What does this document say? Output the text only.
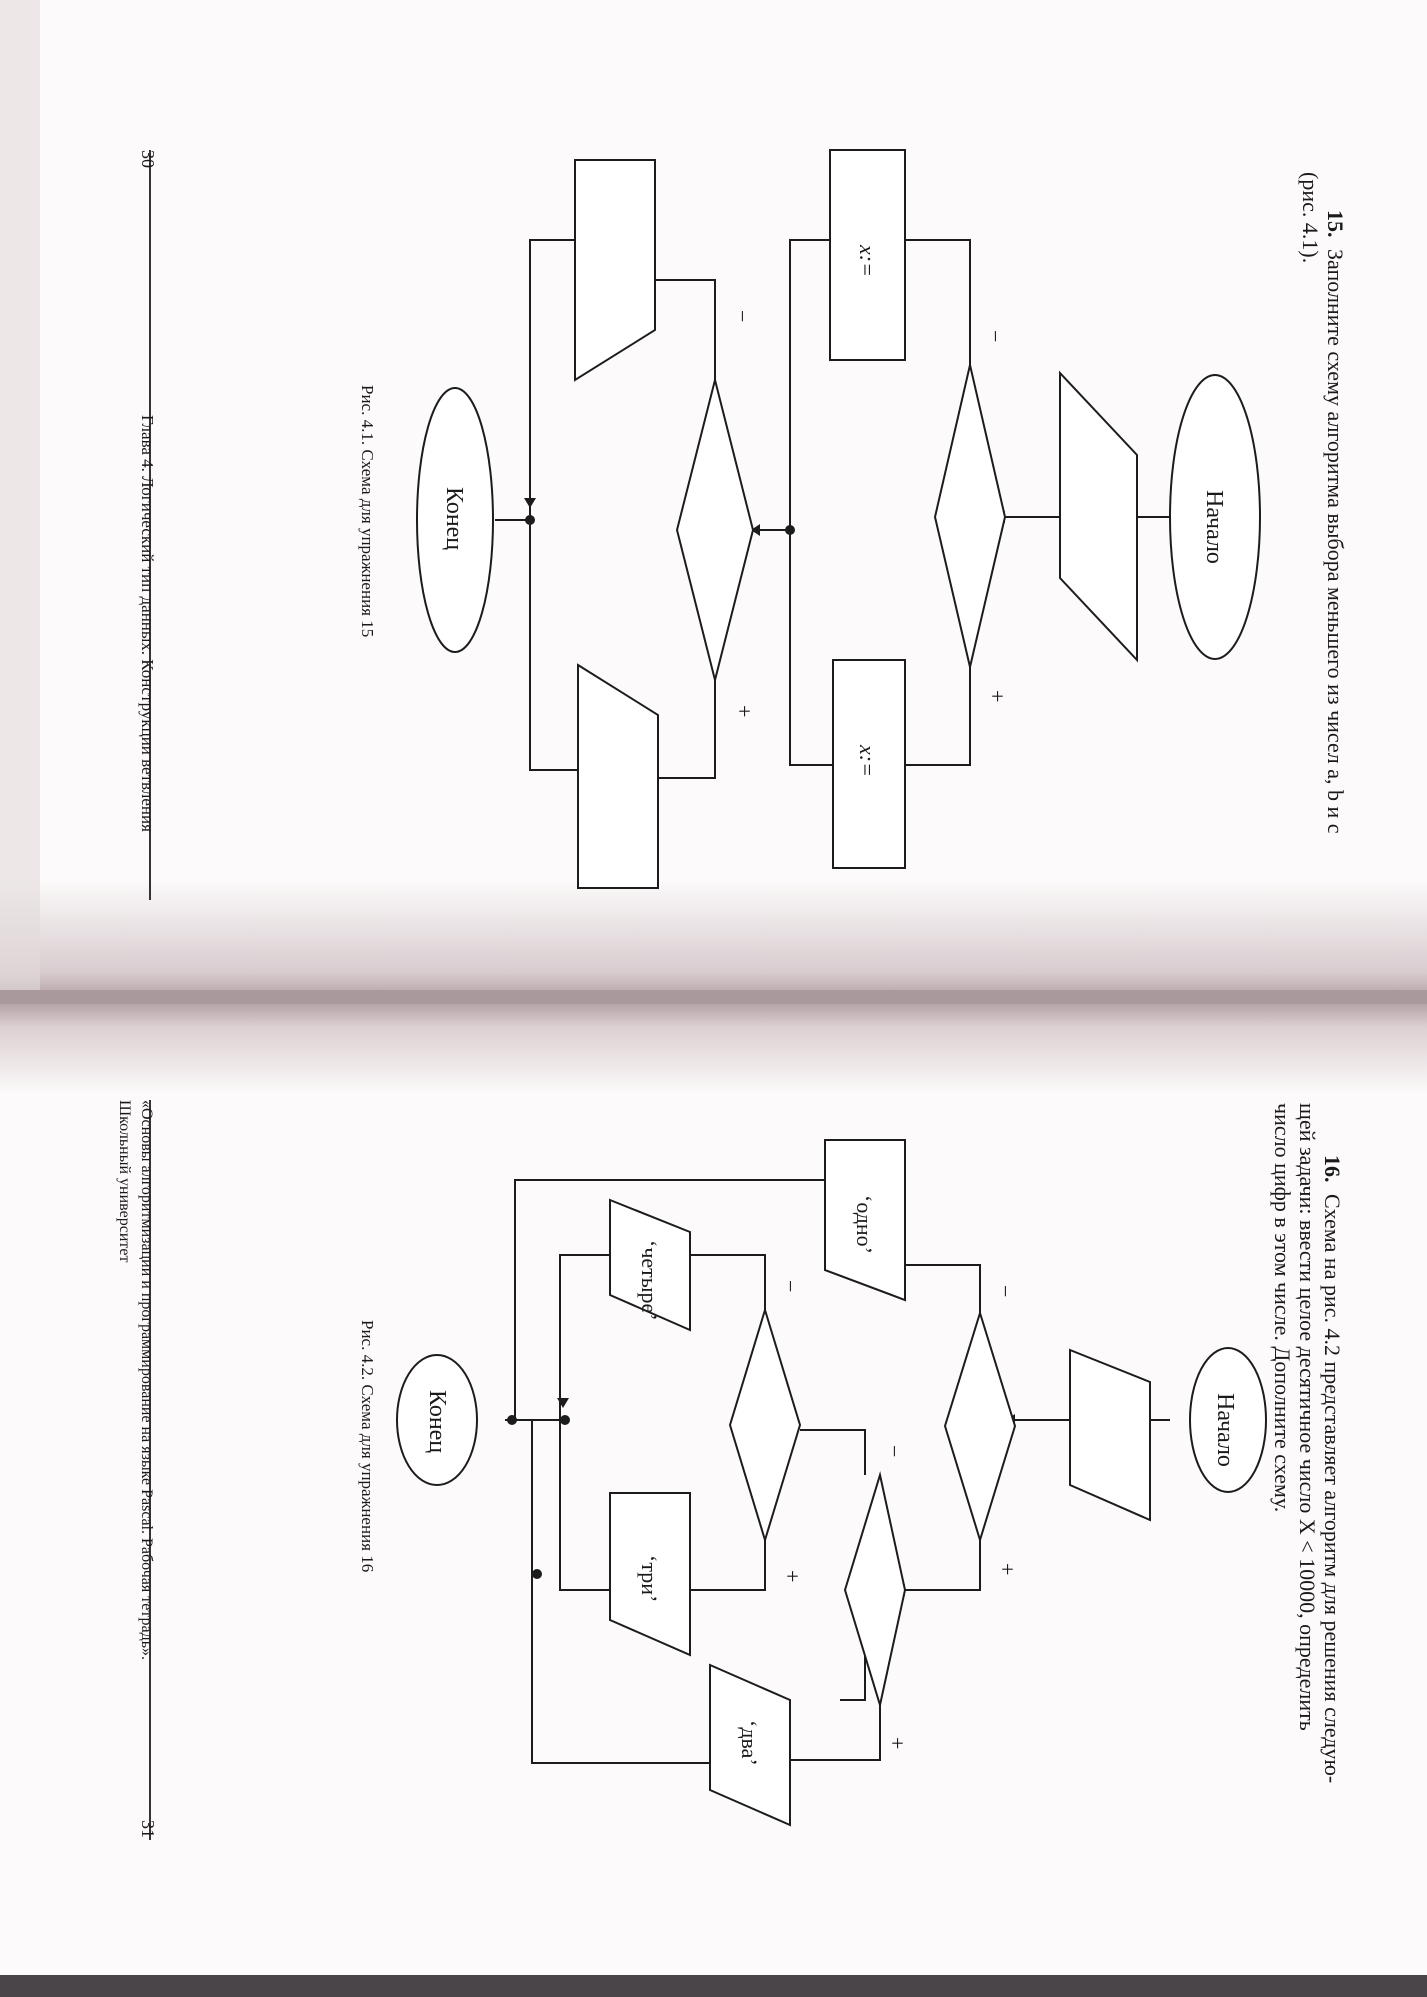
15. Заполните схему алгоритма выбора меньшего из чисел a, b и c
(рис. 4.1).
Начало
x:=
x:=
Конец
−
+
−
+
Рис. 4.1. Схема для упражнения 15
30
Глава 4. Логический тип данных. Конструкции ветвления
16. Схема на рис. 4.2 представляет алгоритм для решения следую-
щей задачи: ввести целое десятичное число X < 10000, определить
число цифр в этом числе. Дополните схему.
Начало
‘одно’
‘четыре’
‘три’
‘два’
Конец
−
+
−
−
+
+
Рис. 4.2. Схема для упражнения 16
«Основы алгоритмизации и программирование на языке Pascal. Рабочая тетрадь».
Школьный университет
31
